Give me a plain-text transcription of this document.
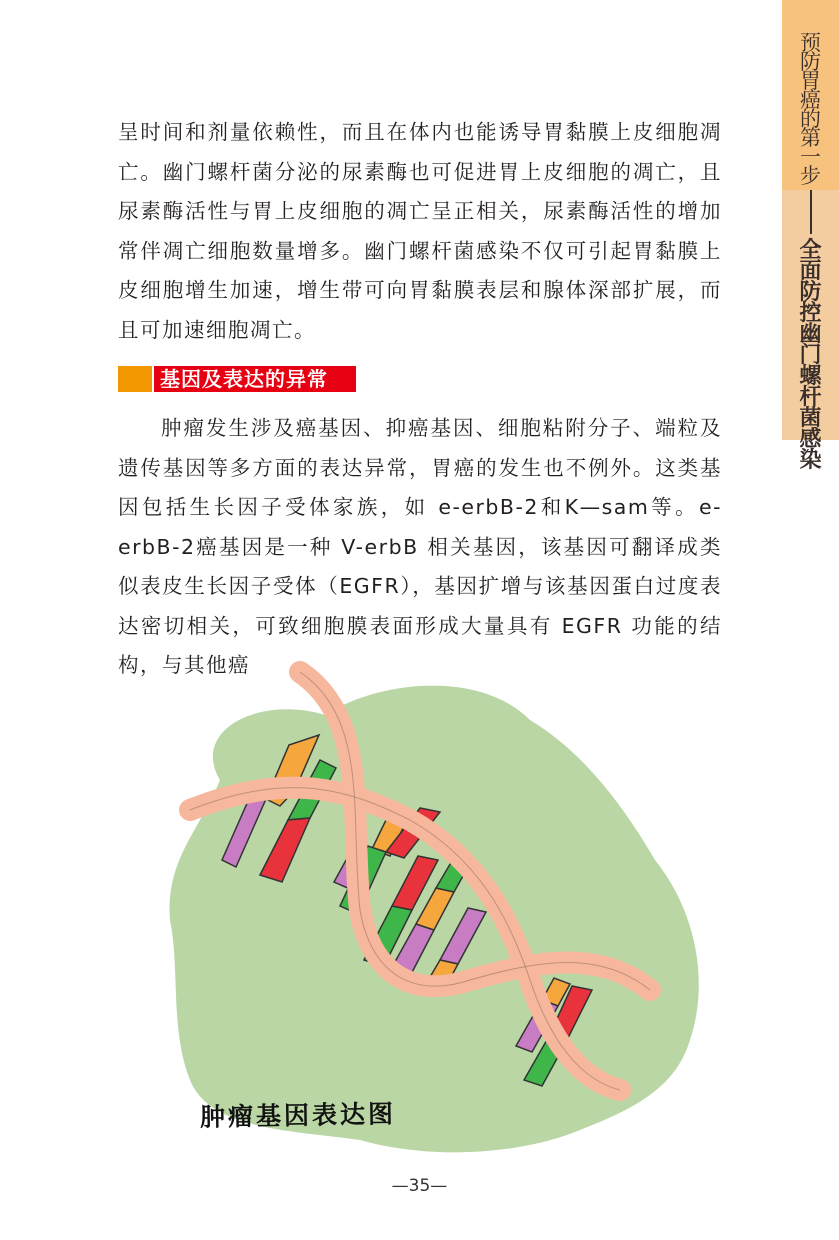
预防胃癌的第一步
全面防控幽门螺杆菌感染

呈时间和剂量依赖性，而且在体内也能诱导胃黏膜上皮细胞凋亡。幽门螺杆菌分泌的尿素酶也可促进胃上皮细胞的凋亡，且尿素酶活性与胃上皮细胞的凋亡呈正相关，尿素酶活性的增加常伴凋亡细胞数量增多。幽门螺杆菌感染不仅可引起胃黏膜上皮细胞增生加速，增生带可向胃黏膜表层和腺体深部扩展，而且可加速细胞凋亡。

基因及表达的异常

肿瘤发生涉及癌基因、抑癌基因、细胞粘附分子、端粒及遗传基因等多方面的表达异常，胃癌的发生也不例外。这类基因包括生长因子受体家族，如 e-erbB-2和K—sam等。e-erbB-2癌基因是一种 V-erbB 相关基因，该基因可翻译成类似表皮生长因子受体（EGFR），基因扩增与该基因蛋白过度表达密切相关，可致细胞膜表面形成大量具有 EGFR 功能的结构，与其他癌

肿瘤基因表达图
—35—
